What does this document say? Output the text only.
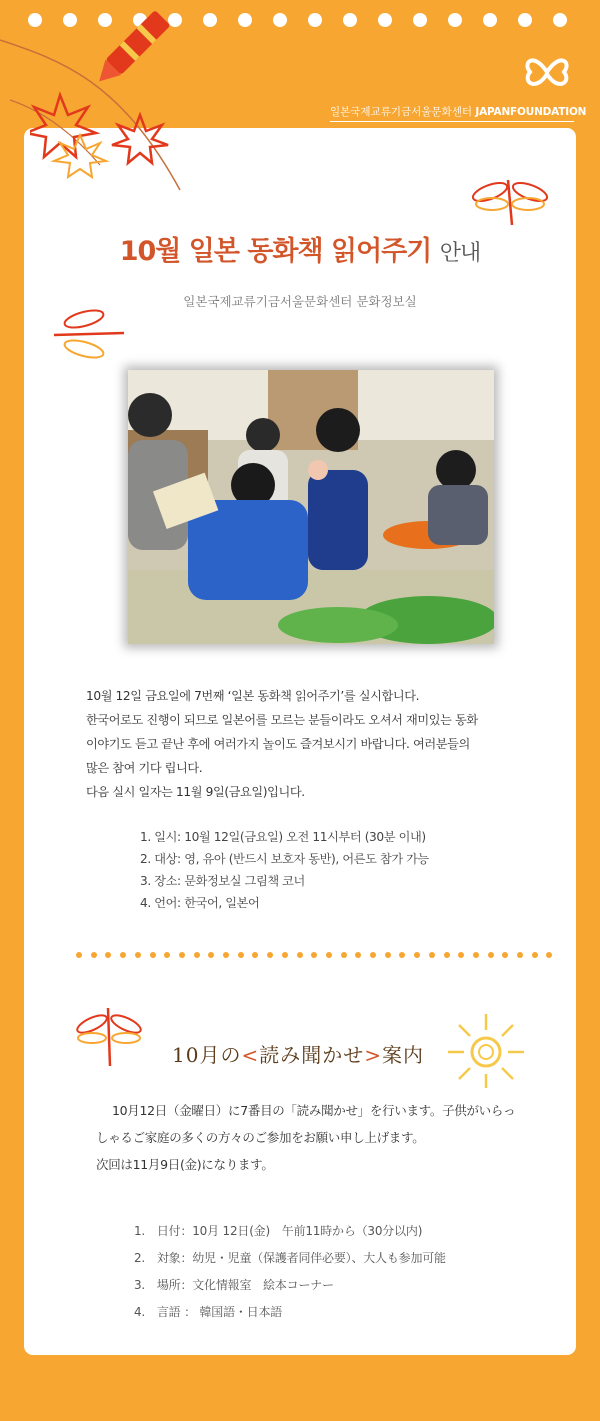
일본국제교류기금서울문화센터 JAPANFOUNDATION
10월 일본 동화책 읽어주기 안내
일본국제교류기금서울문화센터 문화정보실
10월 12일 금요일에 7번째 ‘일본 동화책 읽어주기’를 실시합니다.
한국어로도 진행이 되므로 일본어를 모르는 분들이라도 오셔서 재미있는 동화
이야기도 듣고 끝난 후에 여러가지 놀이도 즐겨보시기 바랍니다. 여러분들의
많은 참여 기다 립니다.
다음 실시 일자는 11월 9일(금요일)입니다.
1. 일시: 10월 12일(금요일) 오전 11시부터 (30분 이내)
2. 대상: 영, 유아 (반드시 보호자 동반), 어른도 참가 가능
3. 장소: 문화정보실 그림책 코너
4. 언어: 한국어, 일본어
10月の<読み聞かせ>案内
10月12日（金曜日）に7番目の「読み聞かせ」を行います。子供がいらっ
しゃるご家庭の多くの方々のご参加をお願い申し上げます。
次回は11月9日(金)になります。
1.　日付：10月 12日(金)　午前11時から（30分以内)
2.　対象：幼児・児童（保護者同伴必要）、大人も参加可能
3.　場所：文化情報室　絵本コーナー
4.　言語 ： 韓国語・日本語
